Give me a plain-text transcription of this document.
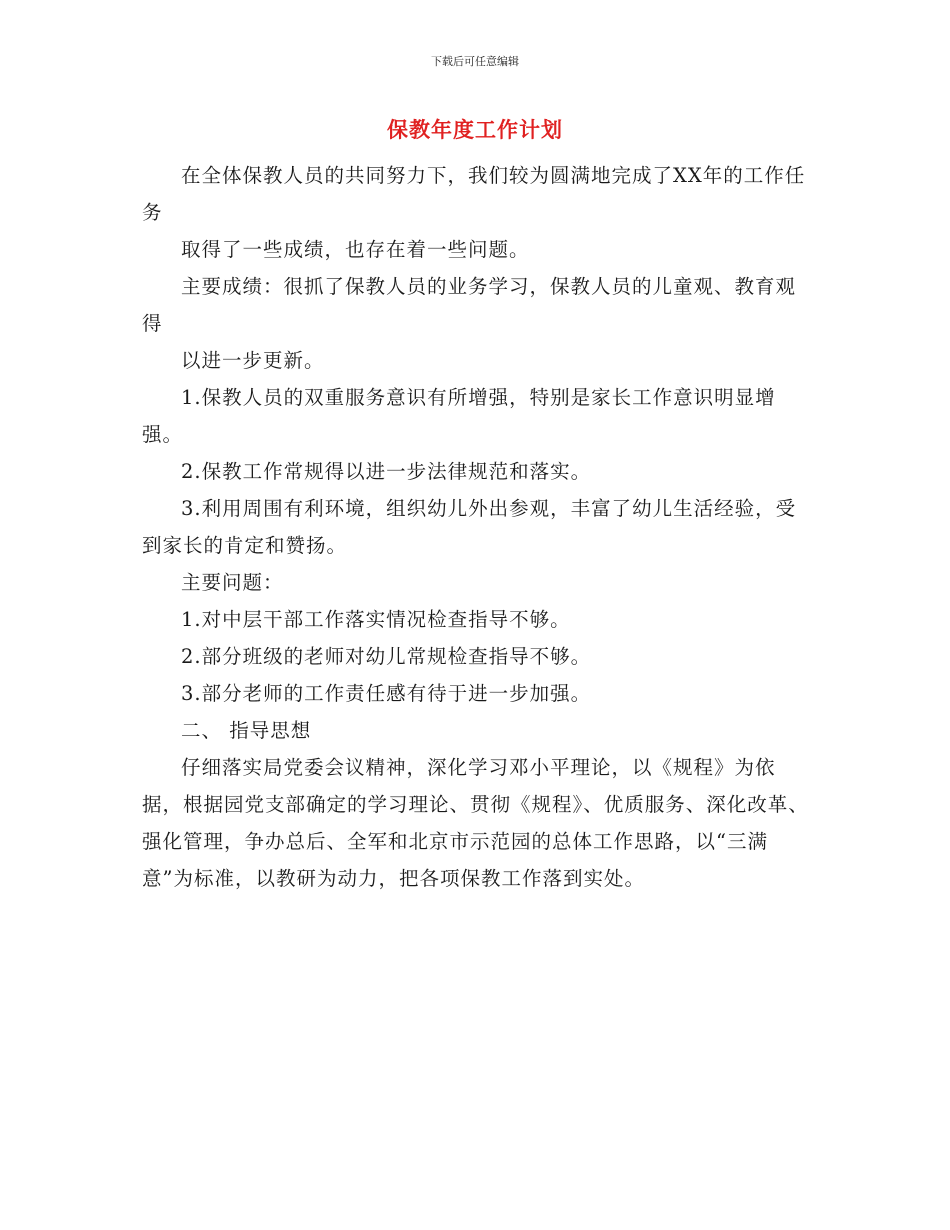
下载后可任意编辑
保教年度工作计划

在全体保教人员的共同努力下，我们较为圆满地完成了XX年的工作任务

取得了一些成绩，也存在着一些问题。

主要成绩：很抓了保教人员的业务学习，保教人员的儿童观、教育观得

以进一步更新。

1.保教人员的双重服务意识有所增强，特别是家长工作意识明显增强。

2.保教工作常规得以进一步法律规范和落实。

3.利用周围有利环境，组织幼儿外出参观，丰富了幼儿生活经验，受到家长的肯定和赞扬。

主要问题：

1.对中层干部工作落实情况检查指导不够。

2.部分班级的老师对幼儿常规检查指导不够。

3.部分老师的工作责任感有待于进一步加强。

二、 指导思想

仔细落实局党委会议精神，深化学习邓小平理论，以《规程》为依据，根据园党支部确定的学习理论、贯彻《规程》、优质服务、深化改革、强化管理，争办总后、全军和北京市示范园的总体工作思路，以“三满意”为标准，以教研为动力，把各项保教工作落到实处。
